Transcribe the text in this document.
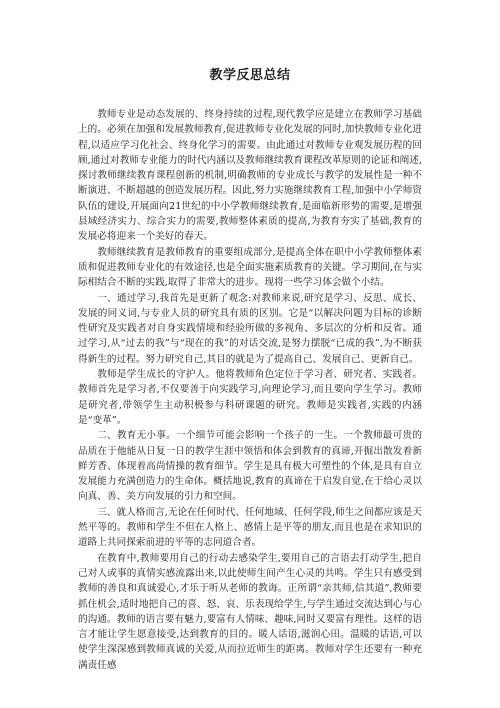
教学反思总结

教师专业是动态发展的、终身持续的过程,现代教学应是建立在教师学习基础上的。必须在加强和发展教师教育,促进教师专业化发展的同时,加快教师专业化进程,以适应学习化社会、终身化学习的需要。由此通过对教师专业观发展历程的回顾,通过对教师专业能力的时代内涵以及教师继续教育课程改革原则的论证和阐述,探讨教师继续教育课程创新的机制,明确教师的专业成长与教学的发展性是一种不断演进、不断超越的创造发展历程。因此,努力实施继续教育工程,加强中小学师资队伍的建设,开展面向21世纪的中小学教师继续教育,是面临新形势的需要,是增强县域经济实力、综合实力的需要,教师整体素质的提高,为教育夯实了基础,教育的发展必将迎来一个美好的春天。

教师继续教育是教师教育的重要组成部分,是提高全体在职中小学教师整体素质和促进教师专业化的有效途径,也是全面实施素质教育的关键。学习期间,在与实际相结合不断的实践,取得了非常大的进步。现将一些学习体会做个小结。

一、通过学习,我首先是更新了观念:对教师来说,研究是学习、反思、成长、发展的同义词,与专业人员的研究具有质的区别。它是“以解决问题为目标的诊断性研究及实践者对自身实践情境和经验所做的多视角、多层次的分析和反省。通过学习,从“过去的我”与“现在的我”的对话交流,是努力摆脱“已成的我”,为不断获得新生的过程。努力研究自己,其目的就是为了提高自己、发展自己、更新自己。

教师是学生成长的守护人。他将教师角色定位于学习者、研究者、实践者。教师首先是学习者,不仅要善于向实践学习,向理论学习,而且要向学生学习。教师是研究者,带领学生主动积极参与科研课题的研究。教师是实践者,实践的内涵是“变革”。

二、教育无小事。一个细节可能会影响一个孩子的一生。一个教师最可贵的品质在于他能从日复一日的教学生涯中领悟和体会到教育的真谛,开掘出散发着新鲜芳香、体现着高尚情操的教育细节。学生是具有极大可塑性的个体,是具有自立发展能力充满创造力的生命体。概括地说,教育的真谛在于启发自觉,在于给心灵以向真、善、美方向发展的引力和空间。

三、就人格而言,无论在任何时代、任何地域、任何学段,师生之间都应该是天然平等的。教师和学生不但在人格上、感情上是平等的朋友,而且也是在求知识的道路上共同探索前进的平等的志同道合者。

在教育中,教师要用自己的行动去感染学生,要用自己的言语去打动学生,把自己对人或事的真情实感流露出来,以此使师生间产生心灵的共鸣。学生只有感受到教师的善良和真诚爱心,才乐于听从老师的教诲。正所谓“亲其师,信其道”,教师要抓住机会,适时地把自己的喜、怒、哀、乐表现给学生,与学生通过交流达到心与心的沟通。教师的语言要有魅力,要富有人情味、趣味,同时又要富有理性。这样的语言才能让学生愿意接受,达到教育的目的。暖人话语,滋润心田。温暖的话语,可以使学生深深感到教师真诚的关爱,从而拉近师生的距离。教师对学生还要有一种充满责任感
